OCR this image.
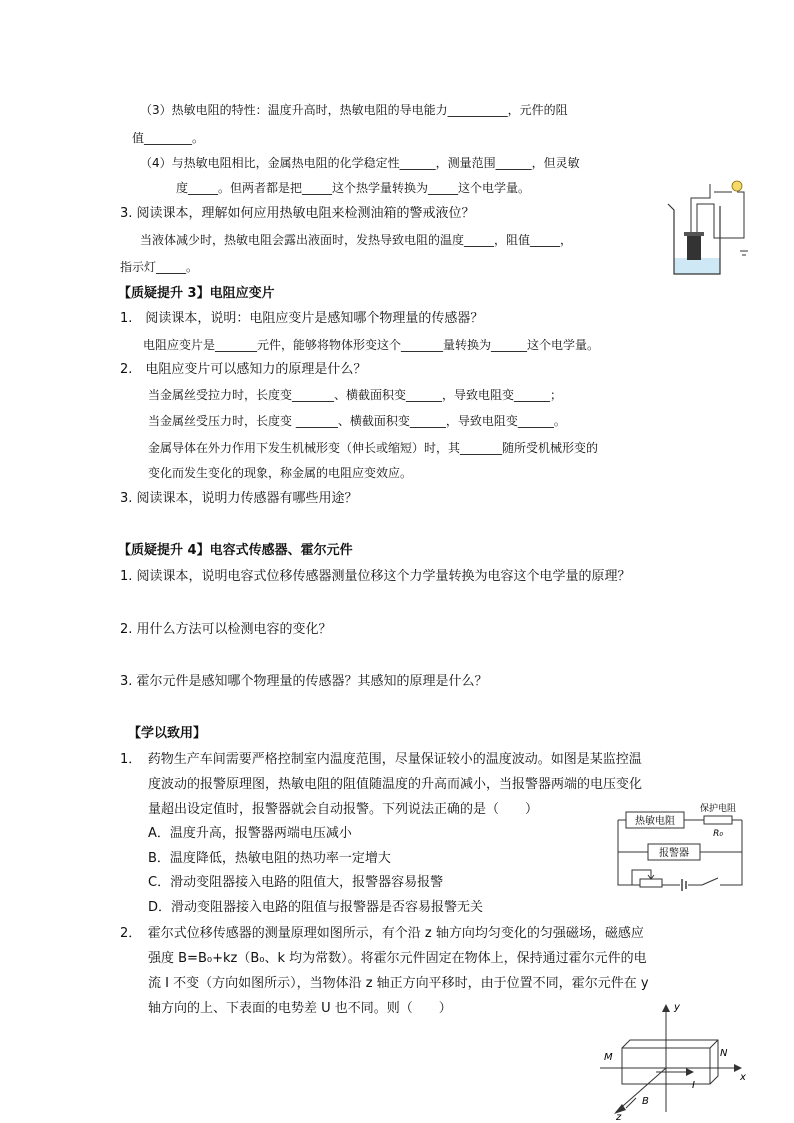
（3）热敏电阻的特性：温度升高时，热敏电阻的导电能力__________，元件的阻
值________。
（4）与热敏电阻相比，金属热电阻的化学稳定性______，测量范围______，但灵敏
度_____。但两者都是把_____这个热学量转换为_____这个电学量。
3. 阅读课本，理解如何应用热敏电阻来检测油箱的警戒液位？
当液体减少时，热敏电阻会露出液面时，发热导致电阻的温度_____，阻值_____，
指示灯_____。
【质疑提升 3】电阻应变片
1.　阅读课本，说明：电阻应变片是感知哪个物理量的传感器？
电阻应变片是_______元件，能够将物体形变这个_______量转换为______这个电学量。
2.　电阻应变片可以感知力的原理是什么？
当金属丝受拉力时，长度变_______、横截面积变______，导致电阻变______；
当金属丝受压力时，长度变 _______、横截面积变______，导致电阻变______。
金属导体在外力作用下发生机械形变（伸长或缩短）时，其_______随所受机械形变的
变化而发生变化的现象，称金属的电阻应变效应。
3. 阅读课本，说明力传感器有哪些用途？
【质疑提升 4】电容式传感器、霍尔元件
1. 阅读课本，说明电容式位移传感器测量位移这个力学量转换为电容这个电学量的原理？
2. 用什么方法可以检测电容的变化？
3. 霍尔元件是感知哪个物理量的传感器？其感知的原理是什么？
【学以致用】
1．　药物生产车间需要严格控制室内温度范围，尽量保证较小的温度波动。如图是某监控温
度波动的报警原理图，热敏电阻的阻值随温度的升高而减小，当报警器两端的电压变化
量超出设定值时，报警器就会自动报警。下列说法正确的是（　　）
A．温度升高，报警器两端电压减小
B．温度降低，热敏电阻的热功率一定增大
C．滑动变阻器接入电路的阻值大，报警器容易报警
D．滑动变阻器接入电路的阻值与报警器是否容易报警无关
热敏电阻
保护电阻
R₀
报警器
2．　霍尔式位移传感器的测量原理如图所示，有个沿 z 轴方向均匀变化的匀强磁场，磁感应
强度 B=B₀+kz（B₀、k 均为常数）。将霍尔元件固定在物体上，保持通过霍尔元件的电
流 I 不变（方向如图所示），当物体沿 z 轴正方向平移时，由于位置不同，霍尔元件在 y
轴方向的上、下表面的电势差 U 也不同。则（　　）	y
x
z
B
I
M	N
